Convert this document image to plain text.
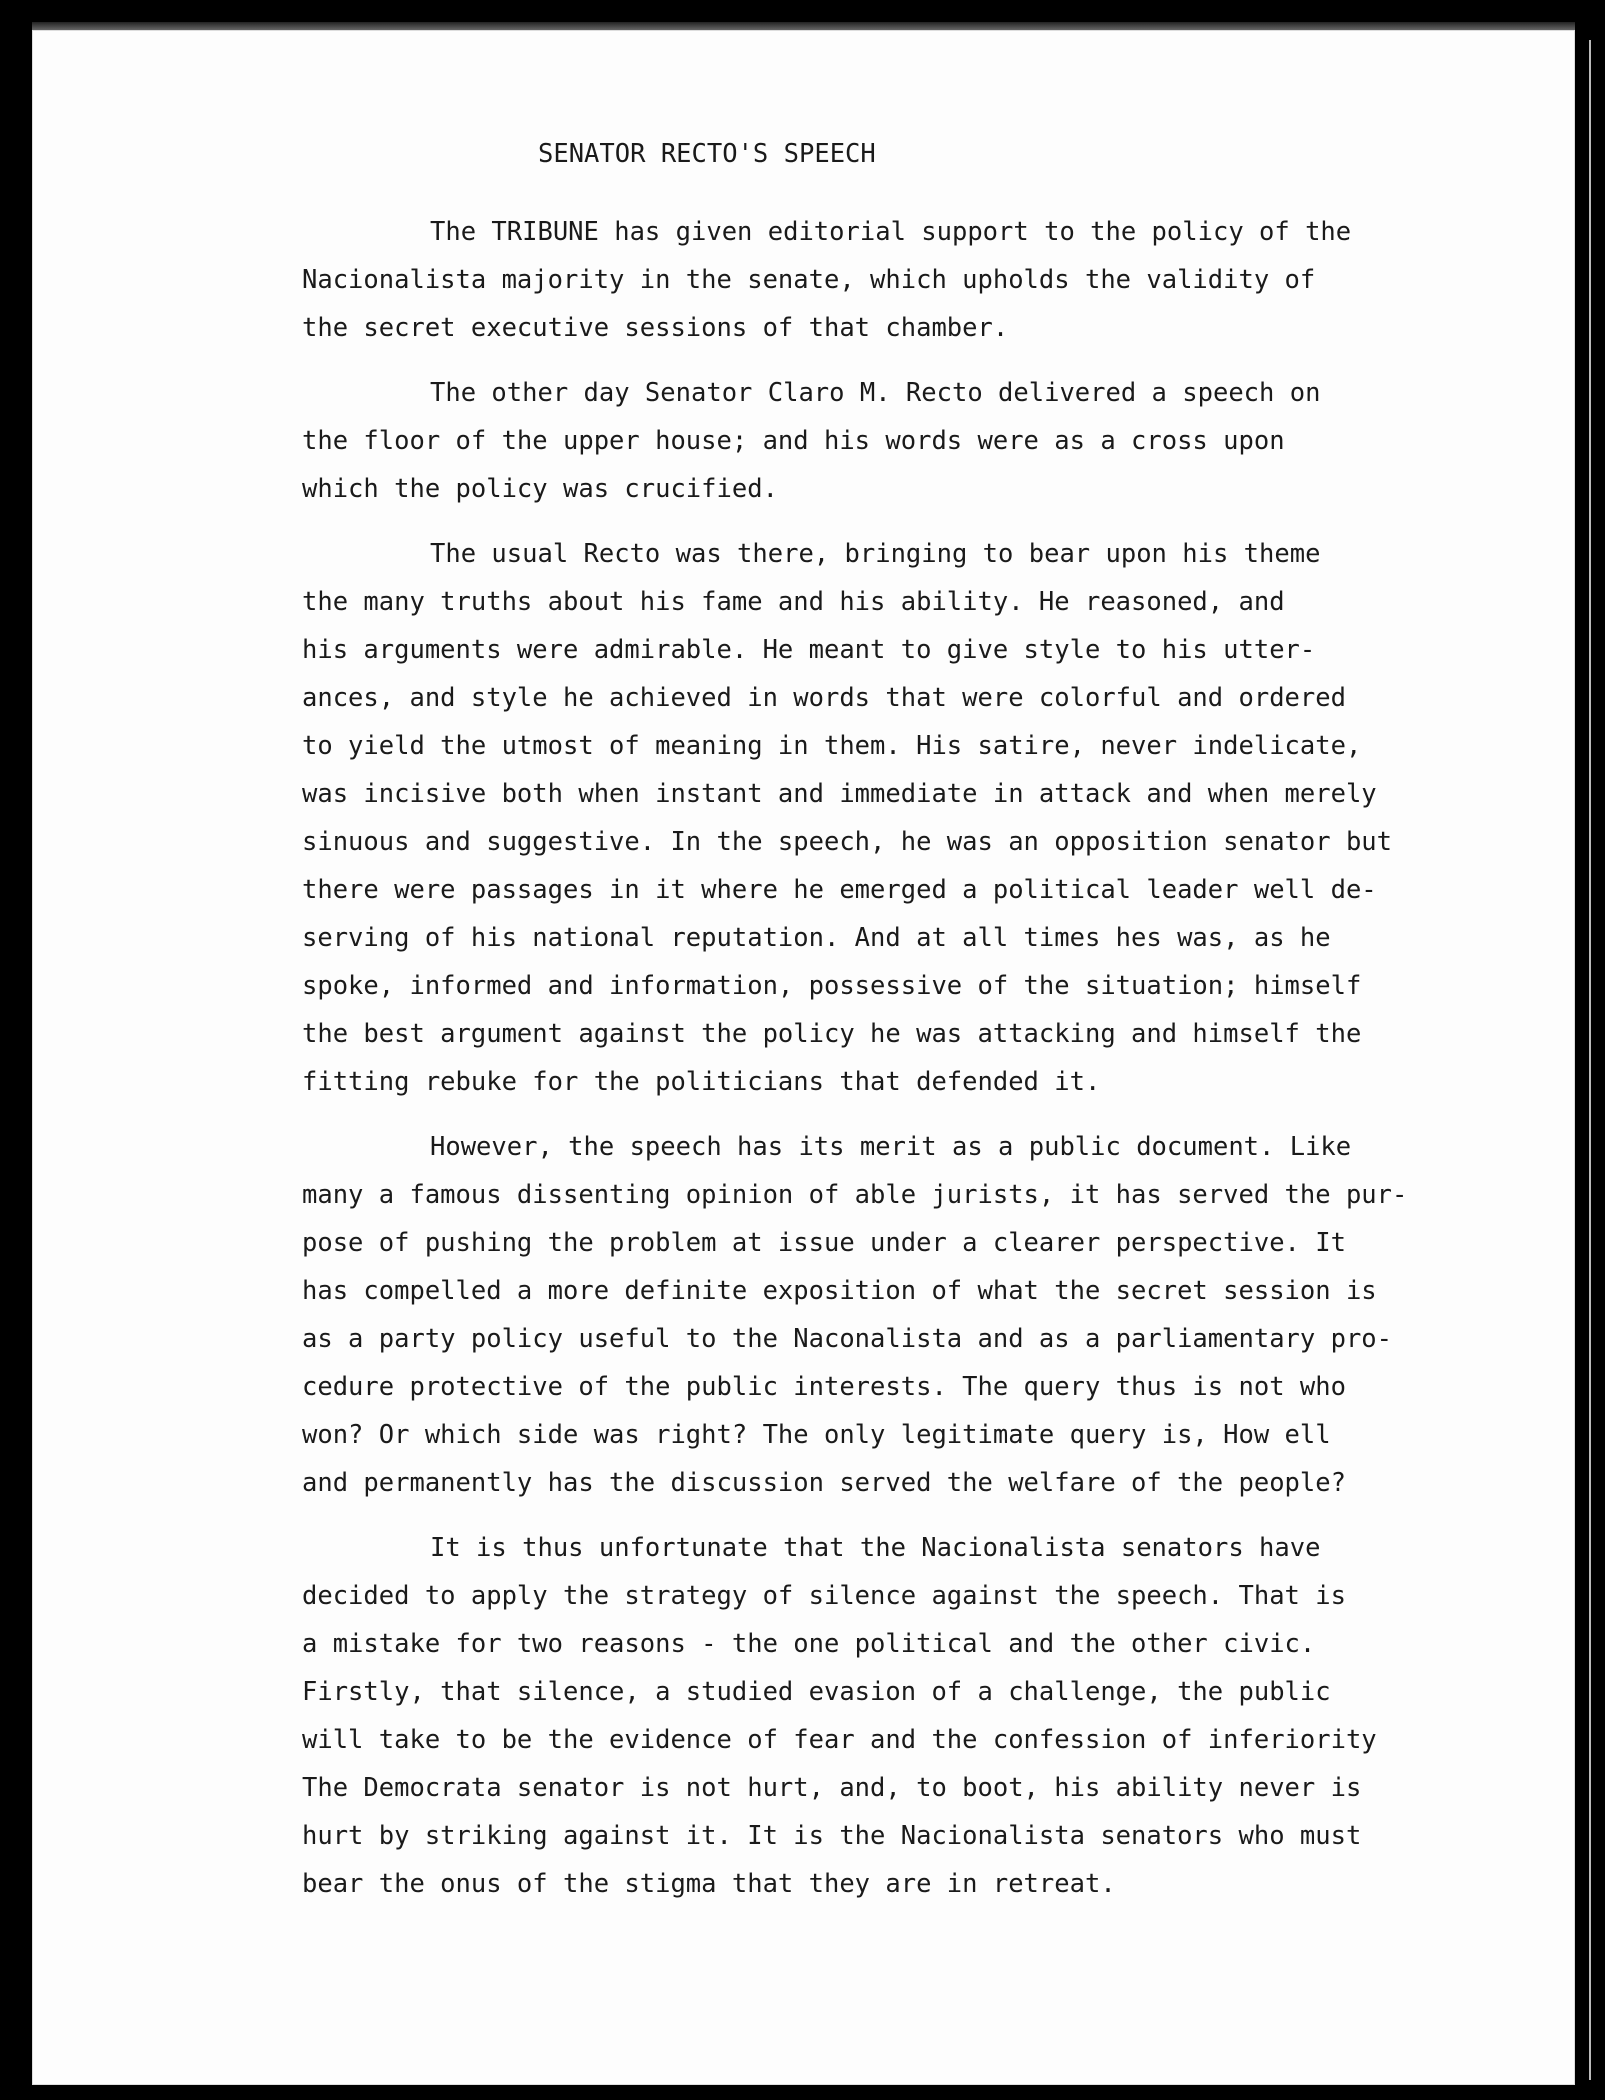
SENATOR RECTO'S SPEECH
The TRIBUNE has given editorial support to the policy of the
Nacionalista majority in the senate, which upholds the validity of
the secret executive sessions of that chamber.
The other day Senator Claro M. Recto delivered a speech on
the floor of the upper house; and his words were as a cross upon
which the policy was crucified.
The usual Recto was there, bringing to bear upon his theme
the many truths about his fame and his ability. He reasoned, and
his arguments were admirable. He meant to give style to his utter-
ances, and style he achieved in words that were colorful and ordered
to yield the utmost of meaning in them. His satire, never indelicate,
was incisive both when instant and immediate in attack and when merely
sinuous and suggestive. In the speech, he was an opposition senator but
there were passages in it where he emerged a political leader well de-
serving of his national reputation. And at all times hes was, as he
spoke, informed and information, possessive of the situation; himself
the best argument against the policy he was attacking and himself the
fitting rebuke for the politicians that defended it.
However, the speech has its merit as a public document. Like
many a famous dissenting opinion of able jurists, it has served the pur-
pose of pushing the problem at issue under a clearer perspective. It
has compelled a more definite exposition of what the secret session is
as a party policy useful to the Naconalista and as a parliamentary pro-
cedure protective of the public interests. The query thus is not who
won? Or which side was right? The only legitimate query is, How ell
and permanently has the discussion served the welfare of the people?
It is thus unfortunate that the Nacionalista senators have
decided to apply the strategy of silence against the speech. That is
a mistake for two reasons - the one political and the other civic.
Firstly, that silence, a studied evasion of a challenge, the public
will take to be the evidence of fear and the confession of inferiority
The Democrata senator is not hurt, and, to boot, his ability never is
hurt by striking against it. It is the Nacionalista senators who must
bear the onus of the stigma that they are in retreat.
